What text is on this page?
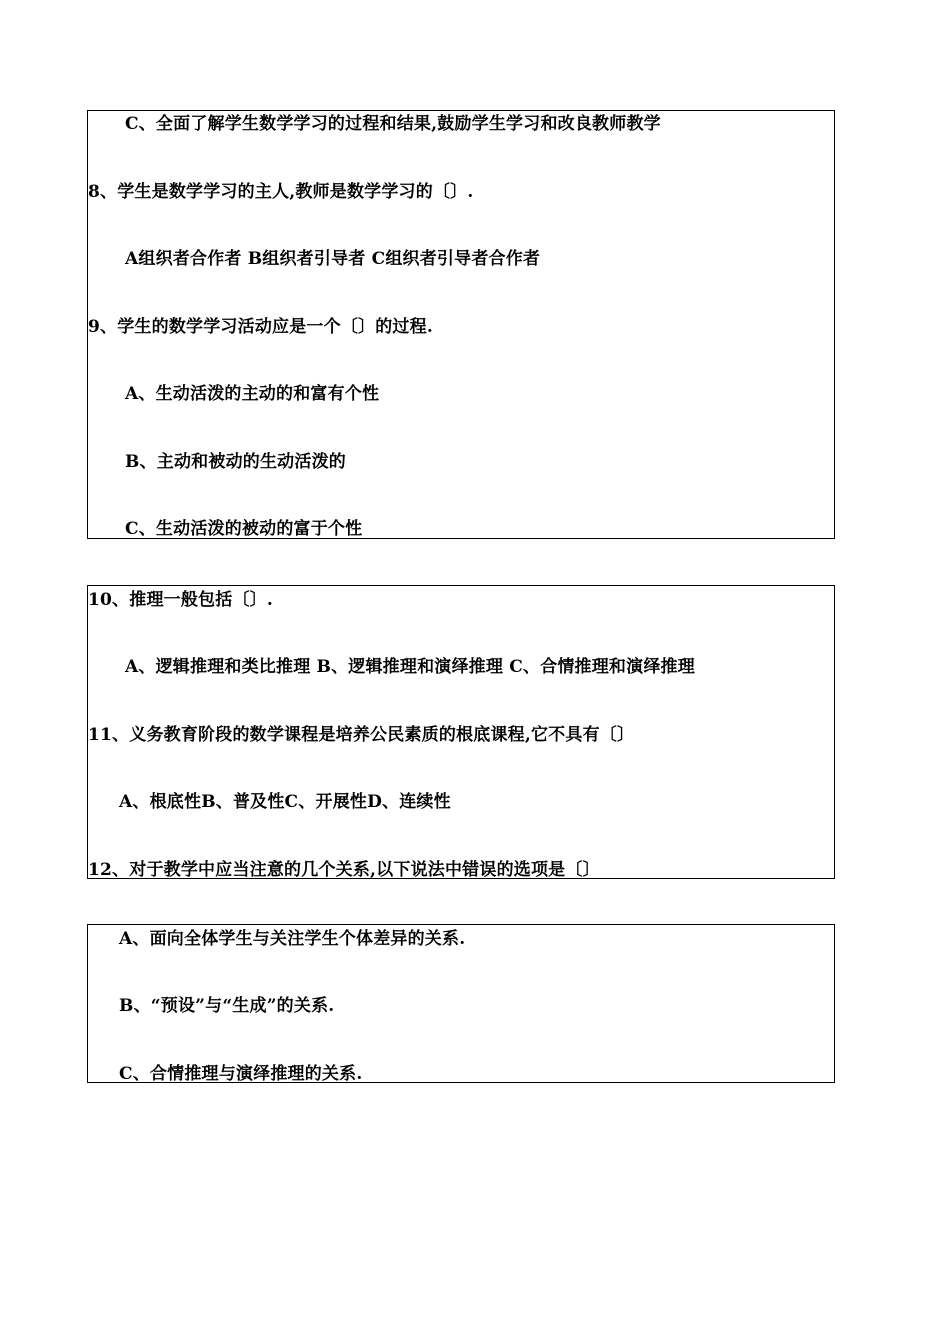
C、全面了解学生数学学习的过程和结果,鼓励学生学习和改良教师教学
8、学生是数学学习的主人,教师是数学学习的〔〕.
A组织者合作者 B组织者引导者 C组织者引导者合作者
9、学生的数学学习活动应是一个〔〕的过程.
A、生动活泼的主动的和富有个性
B、主动和被动的生动活泼的
C、生动活泼的被动的富于个性
10、推理一般包括〔〕.
A、逻辑推理和类比推理 B、逻辑推理和演绎推理 C、合情推理和演绎推理
11、义务教育阶段的数学课程是培养公民素质的根底课程,它不具有〔〕
A、根底性B、普及性C、开展性D、连续性
12、对于教学中应当注意的几个关系,以下说法中错误的选项是〔〕
A、面向全体学生与关注学生个体差异的关系.
B、“预设”与“生成”的关系.
C、合情推理与演绎推理的关系.
